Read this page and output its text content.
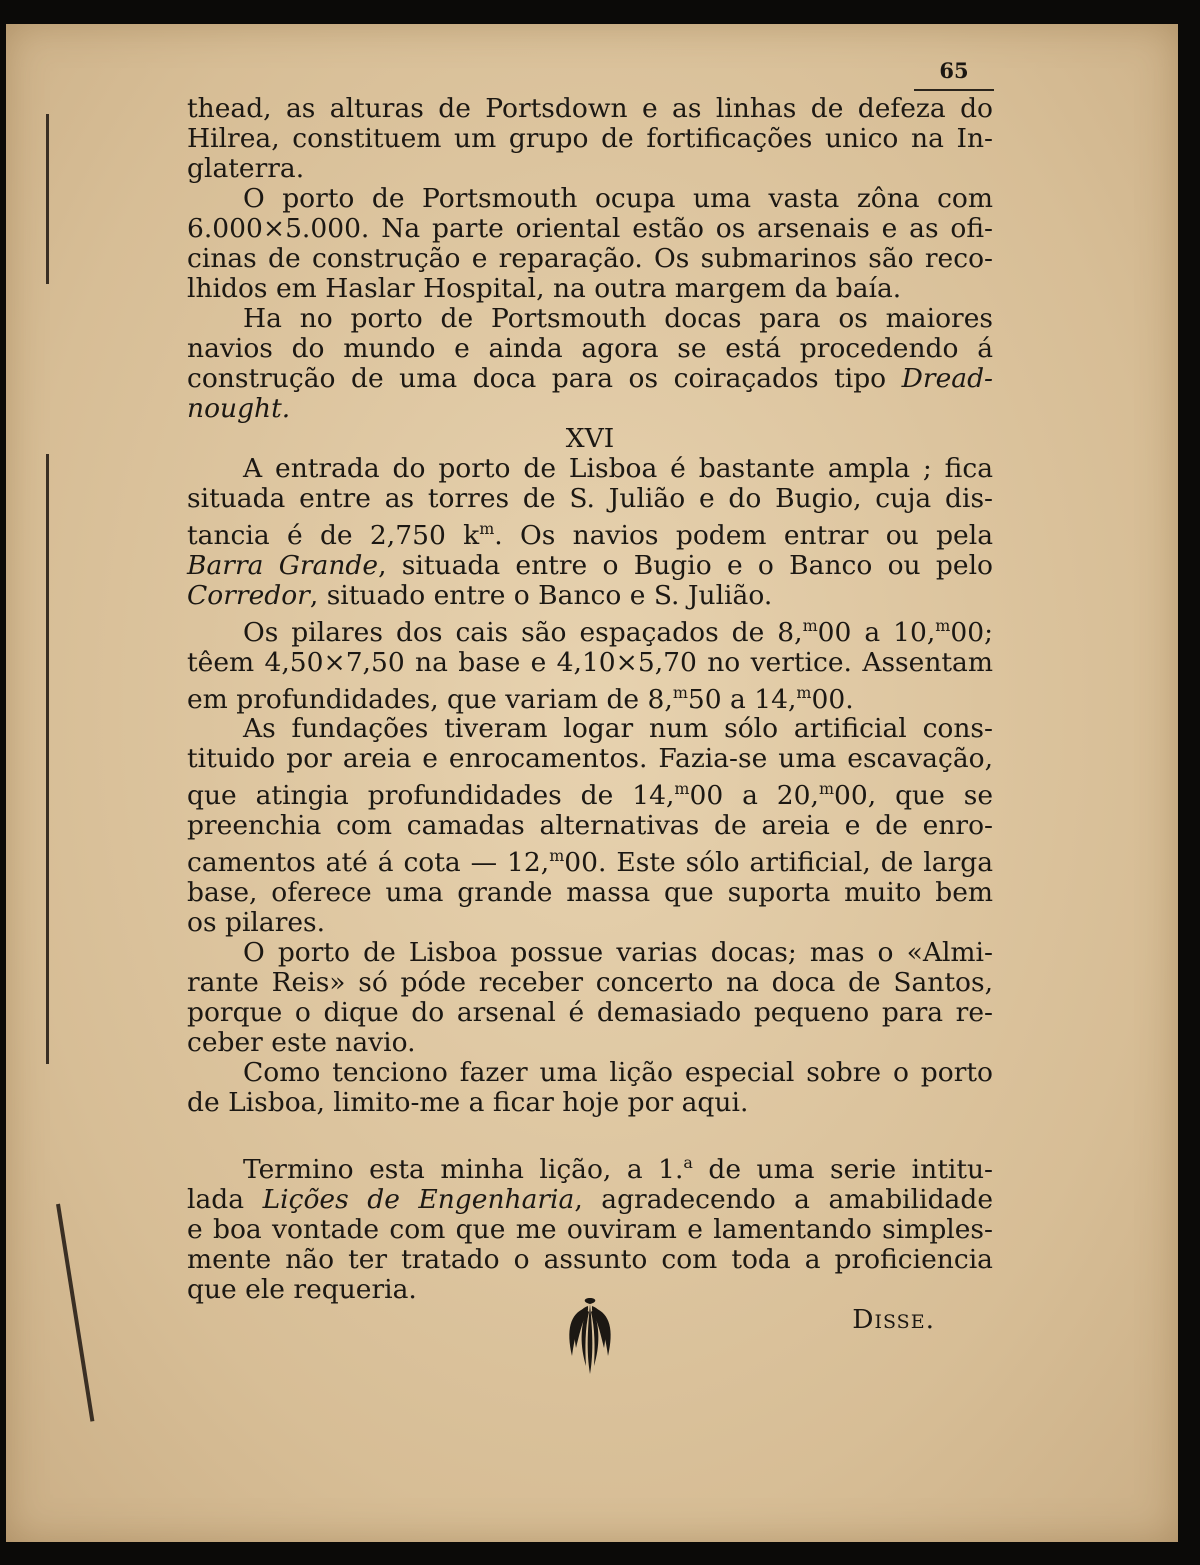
65
thead, as alturas de Portsdown e as linhas de defeza do
Hilrea, constituem um grupo de fortificações unico na In-
glaterra.
O porto de Portsmouth ocupa uma vasta zôna com
6.000×5.000. Na parte oriental estão os arsenais e as ofi-
cinas de construção e reparação. Os submarinos são reco-
lhidos em Haslar Hospital, na outra margem da baía.
Ha no porto de Portsmouth docas para os maiores
navios do mundo e ainda agora se está procedendo á
construção de uma doca para os coiraçados tipo Dread-
nought.
XVI
A entrada do porto de Lisboa é bastante ampla ; fica
situada entre as torres de S. Julião e do Bugio, cuja dis-
tancia é de 2,750 $k^m$. Os navios podem entrar ou pela
Barra Grande, situada entre o Bugio e o Banco ou pelo
Corredor, situado entre o Banco e S. Julião.
Os pilares dos cais são espaçados de 8,$^m$00 a 10,$^m$00;
têem 4,50×7,50 na base e 4,10×5,70 no vertice. Assentam
em profundidades, que variam de 8,$^m$50 a 14,$^m$00.
As fundações tiveram logar num sólo artificial cons-
tituido por areia e enrocamentos. Fazia-se uma escavação,
que atingia profundidades de 14,$^m$00 a 20,$^m$00, que se
preenchia com camadas alternativas de areia e de enro-
camentos até á cota — 12,$^m$00. Este sólo artificial, de larga
base, oferece uma grande massa que suporta muito bem
os pilares.
O porto de Lisboa possue varias docas; mas o «Almi-
rante Reis» só póde receber concerto na doca de Santos,
porque o dique do arsenal é demasiado pequeno para re-
ceber este navio.
Como tenciono fazer uma lição especial sobre o porto
de Lisboa, limito-me a ficar hoje por aqui.
Termino esta minha lição, a 1.$^a$ de uma serie intitu-
lada Lições de Engenharia, agradecendo a amabilidade
e boa vontade com que me ouviram e lamentando simples-
mente não ter tratado o assunto com toda a proficiencia
que ele requeria.
Disse.
